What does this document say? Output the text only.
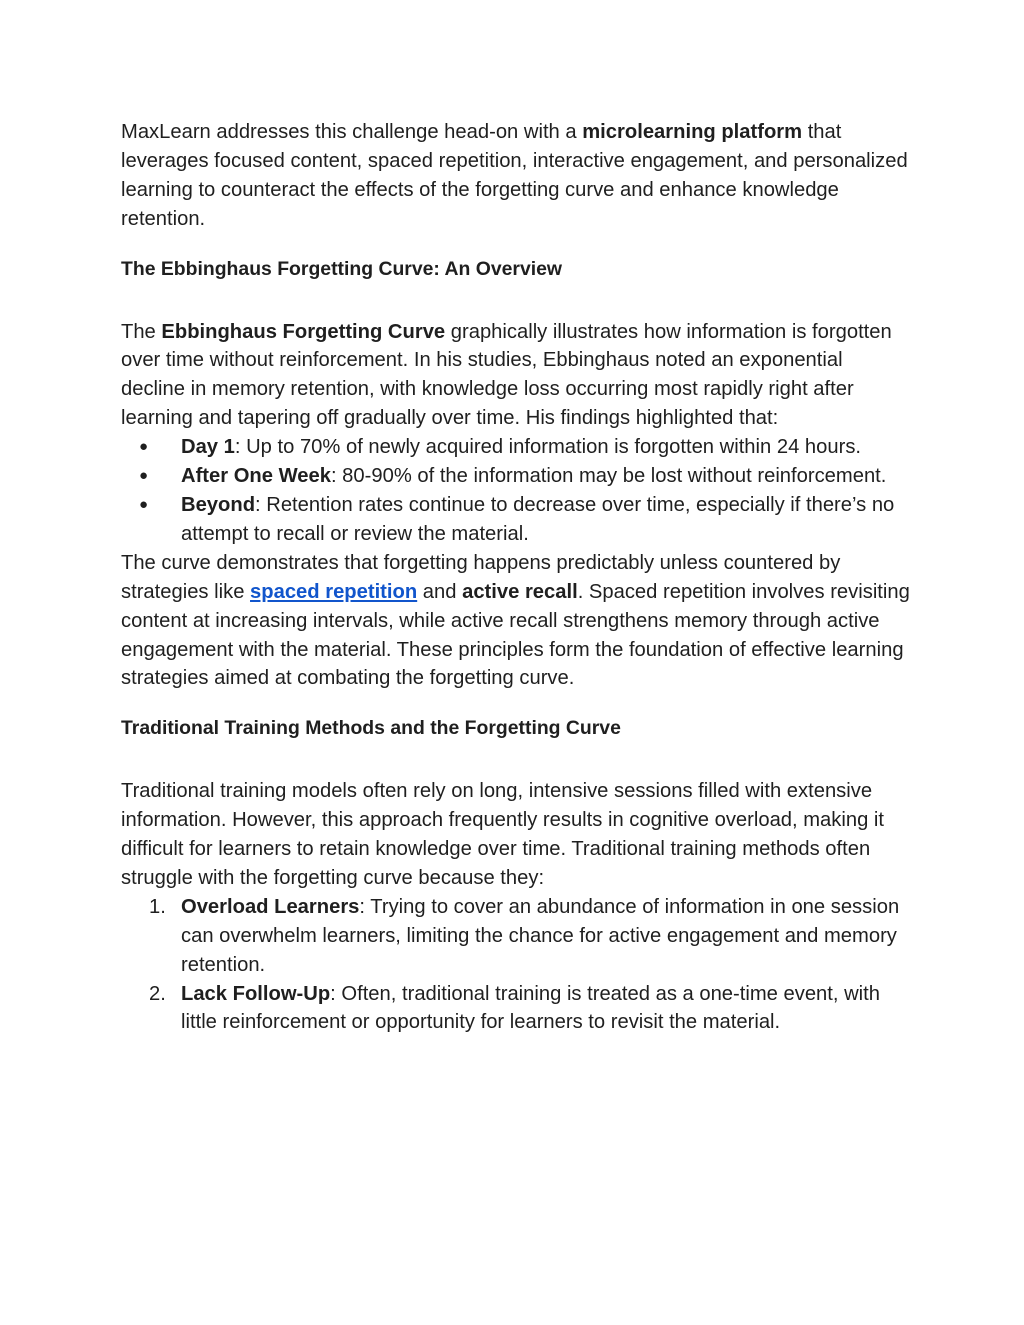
MaxLearn addresses this challenge head-on with a microlearning platform that leverages focused content, spaced repetition, interactive engagement, and personalized learning to counteract the effects of the forgetting curve and enhance knowledge retention.

The Ebbinghaus Forgetting Curve: An Overview

The Ebbinghaus Forgetting Curve graphically illustrates how information is forgotten over time without reinforcement. In his studies, Ebbinghaus noted an exponential decline in memory retention, with knowledge loss occurring most rapidly right after learning and tapering off gradually over time. His findings highlighted that:

● Day 1: Up to 70% of newly acquired information is forgotten within 24 hours.
● After One Week: 80-90% of the information may be lost without reinforcement.
● Beyond: Retention rates continue to decrease over time, especially if there’s no attempt to recall or review the material.

The curve demonstrates that forgetting happens predictably unless countered by strategies like spaced repetition and active recall. Spaced repetition involves revisiting content at increasing intervals, while active recall strengthens memory through active engagement with the material. These principles form the foundation of effective learning strategies aimed at combating the forgetting curve.

Traditional Training Methods and the Forgetting Curve

Traditional training models often rely on long, intensive sessions filled with extensive information. However, this approach frequently results in cognitive overload, making it difficult for learners to retain knowledge over time. Traditional training methods often struggle with the forgetting curve because they:

1. Overload Learners: Trying to cover an abundance of information in one session can overwhelm learners, limiting the chance for active engagement and memory retention.
2. Lack Follow-Up: Often, traditional training is treated as a one-time event, with little reinforcement or opportunity for learners to revisit the material.
